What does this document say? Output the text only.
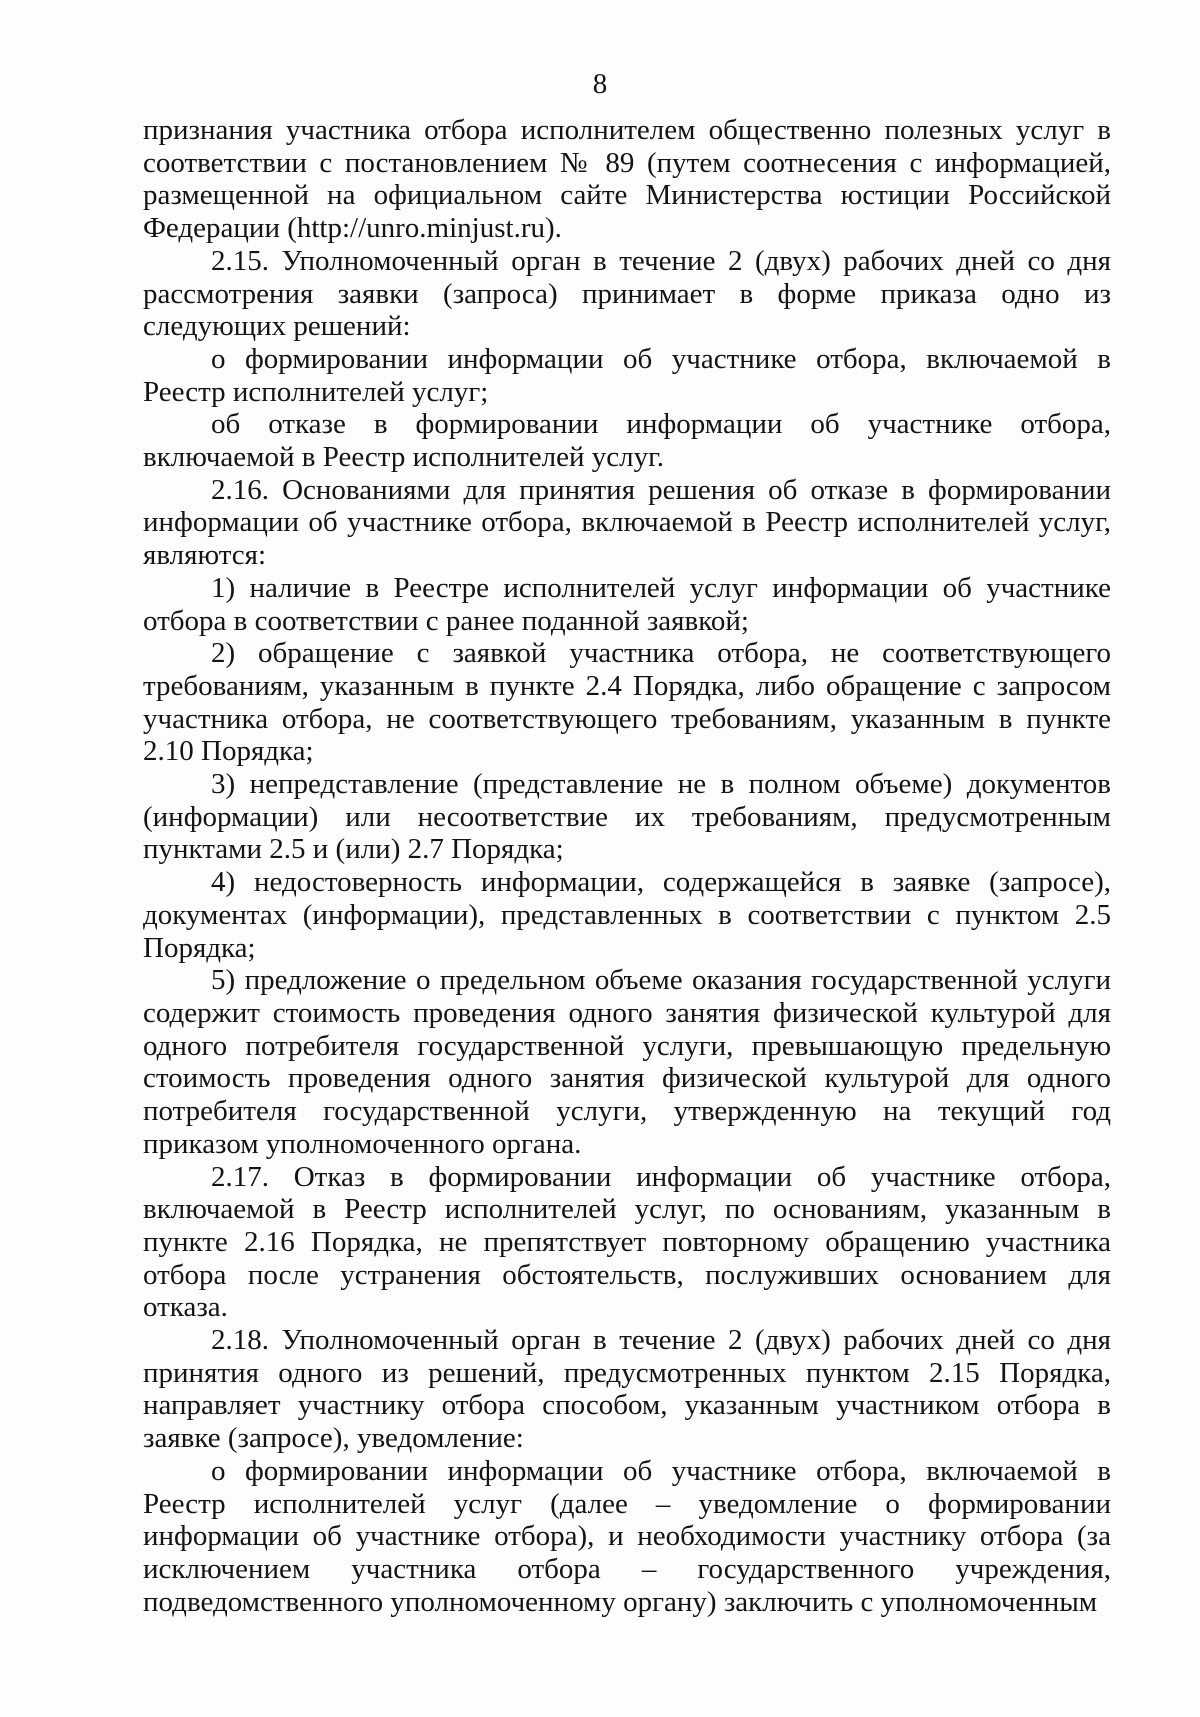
8

признания участника отбора исполнителем общественно полезных услуг в соответствии с постановлением № 89 (путем соотнесения с информацией, размещенной на официальном сайте Министерства юстиции Российской Федерации (http://unro.minjust.ru).

2.15. Уполномоченный орган в течение 2 (двух) рабочих дней со дня рассмотрения заявки (запроса) принимает в форме приказа одно из следующих решений:

о формировании информации об участнике отбора, включаемой в Реестр исполнителей услуг;

об отказе в формировании информации об участнике отбора, включаемой в Реестр исполнителей услуг.

2.16. Основаниями для принятия решения об отказе в формировании информации об участнике отбора, включаемой в Реестр исполнителей услуг, являются:

1) наличие в Реестре исполнителей услуг информации об участнике отбора в соответствии с ранее поданной заявкой;

2) обращение с заявкой участника отбора, не соответствующего требованиям, указанным в пункте 2.4 Порядка, либо обращение с запросом участника отбора, не соответствующего требованиям, указанным в пункте 2.10 Порядка;

3) непредставление (представление не в полном объеме) документов (информации) или несоответствие их требованиям, предусмотренным пунктами 2.5 и (или) 2.7 Порядка;

4) недостоверность информации, содержащейся в заявке (запросе), документах (информации), представленных в соответствии с пунктом 2.5 Порядка;

5) предложение о предельном объеме оказания государственной услуги содержит стоимость проведения одного занятия физической культурой для одного потребителя государственной услуги, превышающую предельную стоимость проведения одного занятия физической культурой для одного потребителя государственной услуги, утвержденную на текущий год приказом уполномоченного органа.

2.17. Отказ в формировании информации об участнике отбора, включаемой в Реестр исполнителей услуг, по основаниям, указанным в пункте 2.16 Порядка, не препятствует повторному обращению участника отбора после устранения обстоятельств, послуживших основанием для отказа.

2.18. Уполномоченный орган в течение 2 (двух) рабочих дней со дня принятия одного из решений, предусмотренных пунктом 2.15 Порядка, направляет участнику отбора способом, указанным участником отбора в заявке (запросе), уведомление:

о формировании информации об участнике отбора, включаемой в Реестр исполнителей услуг (далее – уведомление о формировании информации об участнике отбора), и необходимости участнику отбора (за исключением участника отбора – государственного учреждения, подведомственного уполномоченному органу) заключить с уполномоченным
